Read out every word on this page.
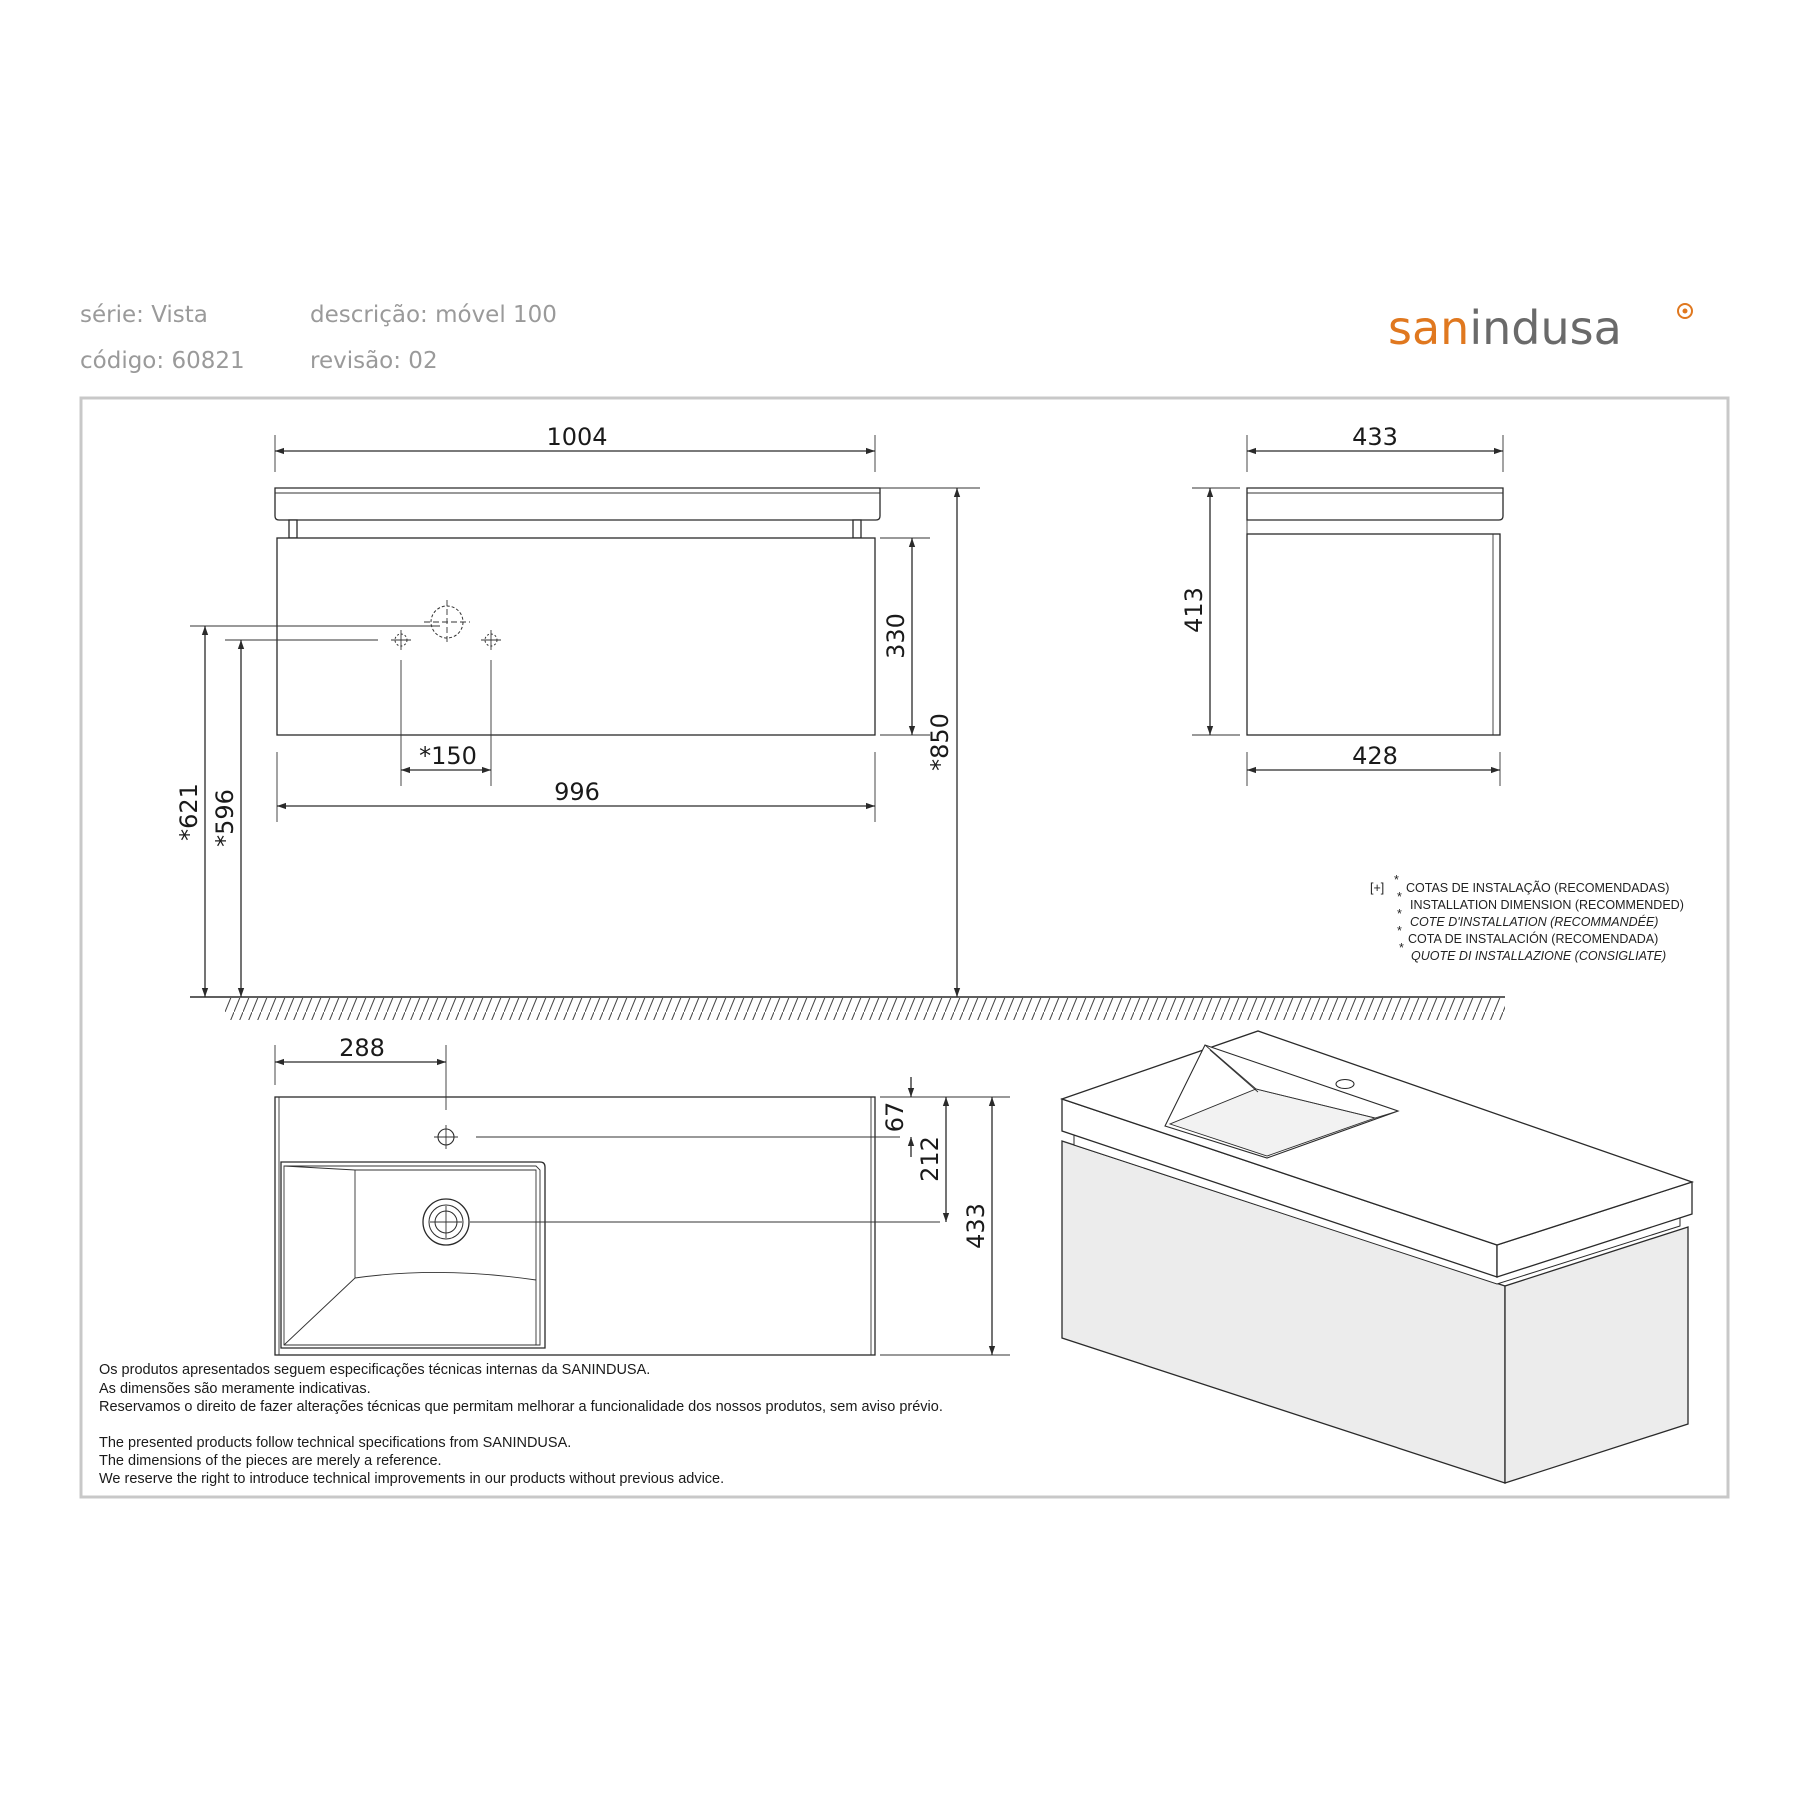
série: Vista
código: 60821
descrição: móvel 100
revisão: 02
sanindusa
1004
330
*850
*150
996
*621 *596
433
413
428
[+]
*
COTAS DE INSTALAÇÃO (RECOMENDADAS)
*
INSTALLATION DIMENSION (RECOMMENDED)
*
COTE D'INSTALLATION (RECOMMANDÉE)
*
COTA DE INSTALACIÓN (RECOMENDADA)
*
QUOTE DI INSTALLAZIONE (CONSIGLIATE)
288
67
212
433
Os produtos apresentados seguem especificações técnicas internas da SANINDUSA.
As dimensões são meramente indicativas.
Reservamos o direito de fazer alterações técnicas que permitam melhorar a funcionalidade dos nossos produtos, sem aviso prévio.
The presented products follow technical specifications from SANINDUSA.
The dimensions of the pieces are merely a reference.
We reserve the right to introduce technical improvements in our products without previous advice.
